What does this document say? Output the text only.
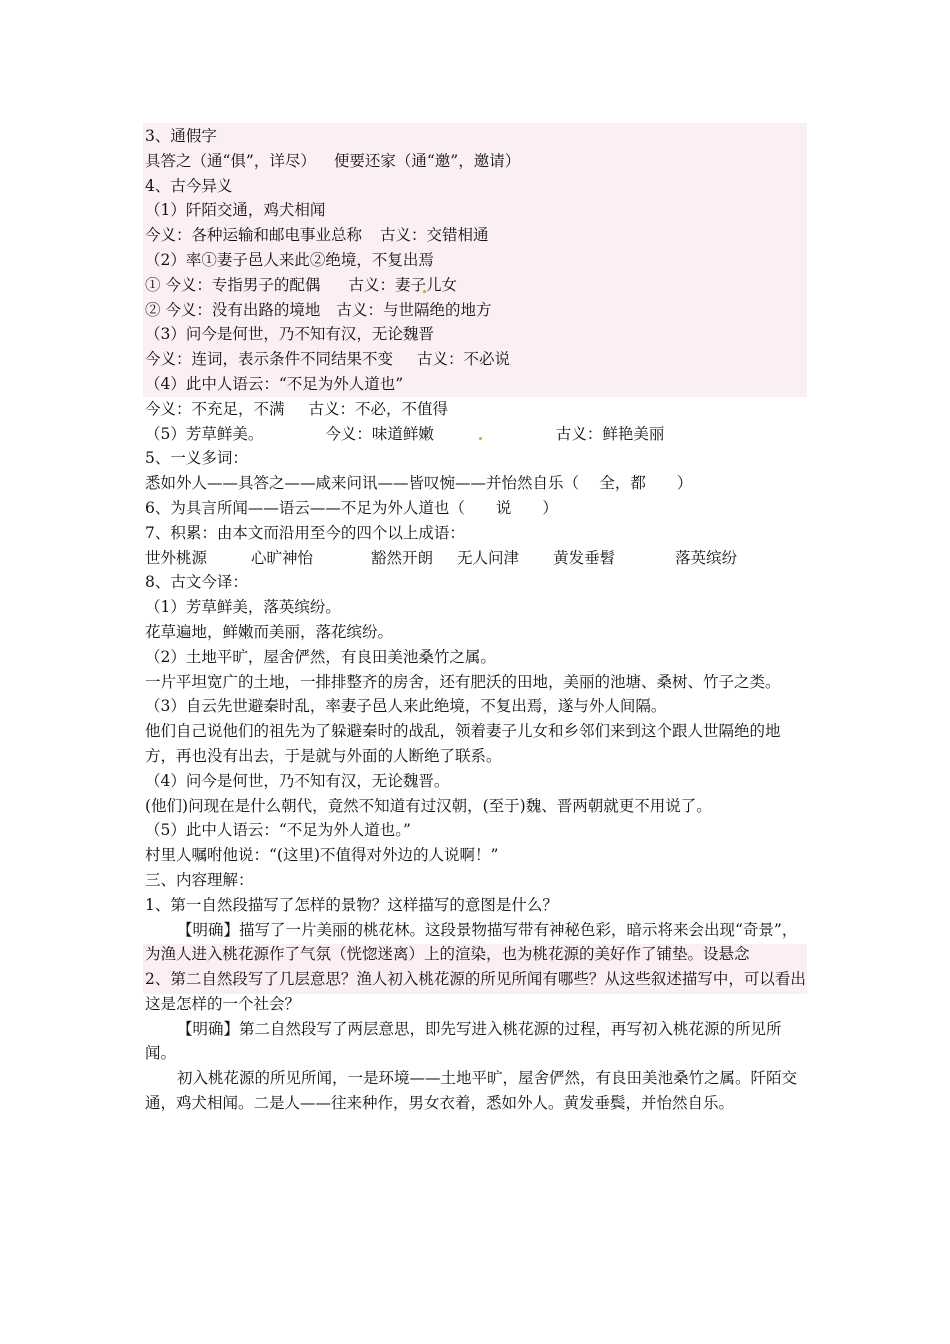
3、通假字
具答之（通“俱”，详尽） 便要还家（通“邀”，邀请）
4、古今异义
（1）阡陌交通，鸡犬相闻
今义：各种运输和邮电事业总称 古义：交错相通
（2）率①妻子邑人来此②绝境，不复出焉
① 今义：专指男子的配偶 古义：妻子儿女
② 今义：没有出路的境地 古义：与世隔绝的地方
（3）问今是何世，乃不知有汉，无论魏晋
今义：连词，表示条件不同结果不变 古义：不必说
（4）此中人语云：“不足为外人道也”
今义：不充足，不满 古义：不必，不值得
（5）芳草鲜美。	今义：味道鲜嫩	古义：鲜艳美丽
5、一义多词：
悉如外人——具答之——咸来问讯——皆叹惋——并怡然自乐（　 全，都　　）
6、为具言所闻——语云——不足为外人道也（　　说　　）
7、积累：由本文而沿用至今的四个以上成语：
世外桃源	心旷神怡	豁然开朗 无人问津 黄发垂髫	落英缤纷
8、古文今译：
（1）芳草鲜美，落英缤纷。
花草遍地，鲜嫩而美丽，落花缤纷。
（2）土地平旷，屋舍俨然，有良田美池桑竹之属。
一片平坦宽广的土地，一排排整齐的房舍，还有肥沃的田地，美丽的池塘、桑树、竹子之类。
（3）自云先世避秦时乱，率妻子邑人来此绝境，不复出焉，遂与外人间隔。
他们自己说他们的祖先为了躲避秦时的战乱，领着妻子儿女和乡邻们来到这个跟人世隔绝的地方，再也没有出去，于是就与外面的人断绝了联系。
（4）问今是何世，乃不知有汉，无论魏晋。
(他们)问现在是什么朝代，竟然不知道有过汉朝，(至于)魏、晋两朝就更不用说了。
（5）此中人语云：“不足为外人道也。”
村里人嘱咐他说：“(这里)不值得对外边的人说啊！”
三、内容理解：
1、第一自然段描写了怎样的景物？这样描写的意图是什么？
【明确】描写了一片美丽的桃花林。这段景物描写带有神秘色彩，暗示将来会出现“奇景”，为渔人进入桃花源作了气氛（恍惚迷离）上的渲染，也为桃花源的美好作了铺垫。设悬念
2、第二自然段写了几层意思？渔人初入桃花源的所见所闻有哪些？从这些叙述描写中，可以看出这是怎样的一个社会？
【明确】第二自然段写了两层意思，即先写进入桃花源的过程，再写初入桃花源的所见所闻。
初入桃花源的所见所闻，一是环境——土地平旷，屋舍俨然，有良田美池桑竹之属。阡陌交通，鸡犬相闻。二是人——往来种作，男女衣着，悉如外人。黄发垂鬓，并怡然自乐。
